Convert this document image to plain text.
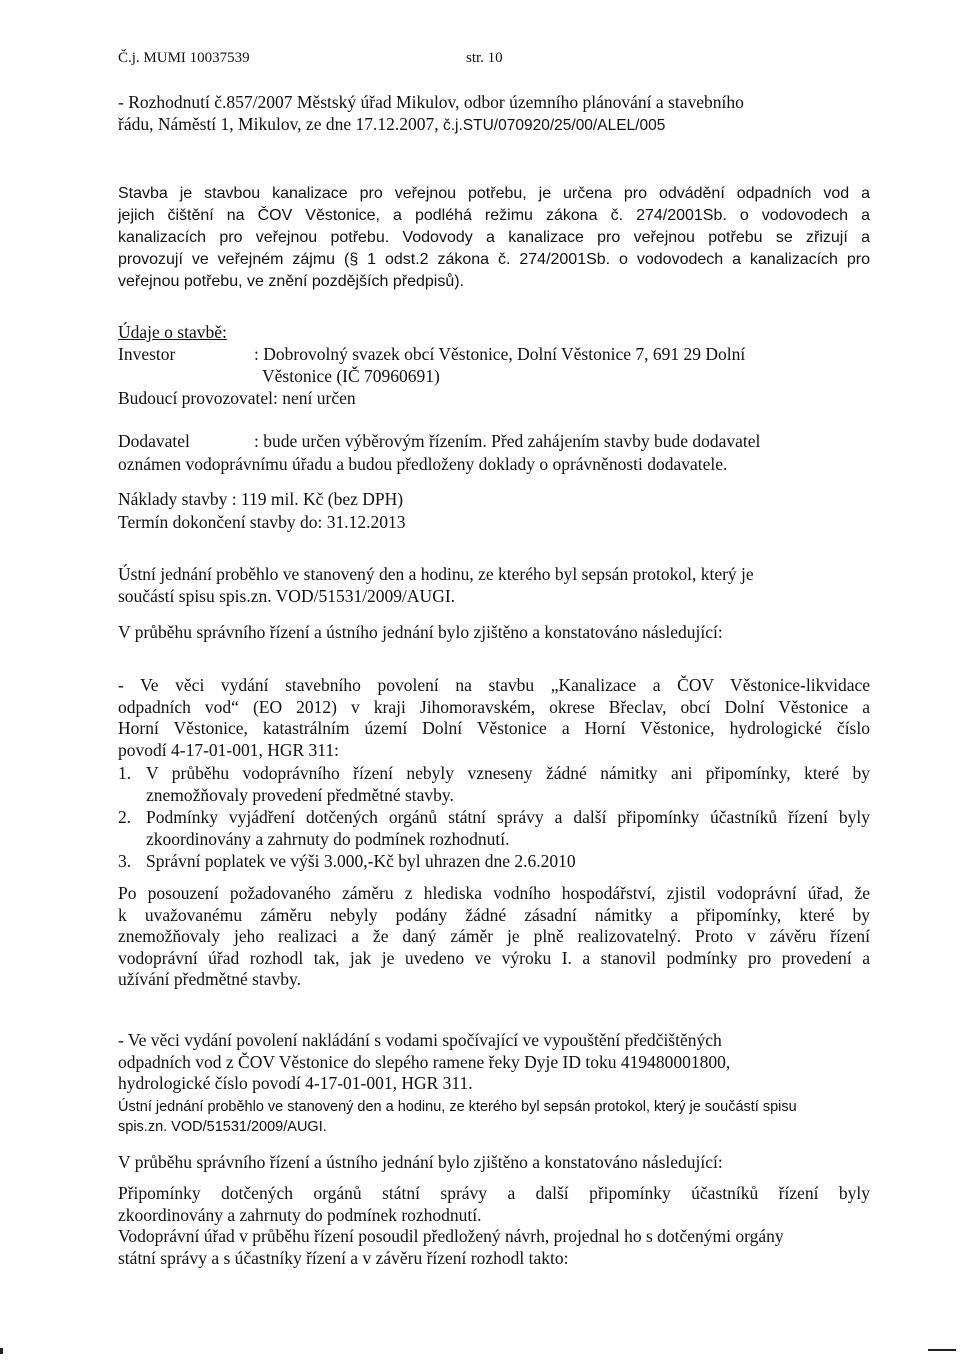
Č.j. MUMI 10037539	str. 10

- Rozhodnutí č.857/2007 Městský úřad Mikulov, odbor územního plánování a stavebního
řádu, Náměstí 1, Mikulov, ze dne 17.12.2007, č.j.STU/070920/25/00/ALEL/005

Stavba je stavbou kanalizace pro veřejnou potřebu, je určena pro odvádění odpadních vod a
jejich čištění na ČOV Věstonice, a podléhá režimu zákona č. 274/2001Sb. o vodovodech a
kanalizacích pro veřejnou potřebu. Vodovody a kanalizace pro veřejnou potřebu se zřizují a
provozují ve veřejném zájmu (§ 1 odst.2 zákona č. 274/2001Sb. o vodovodech a kanalizacích pro
veřejnou potřebu, ve znění pozdějších předpisů).

Údaje o stavbě:
Investor	: Dobrovolný svazek obcí Věstonice, Dolní Věstonice 7, 691 29 Dolní
Věstonice (IČ 70960691)
Budoucí provozovatel: není určen
Dodavatel	: bude určen výběrovým řízením. Před zahájením stavby bude dodavatel
oznámen vodoprávnímu úřadu a budou předloženy doklady o oprávněnosti dodavatele.
Náklady stavby : 119 mil. Kč (bez DPH)
Termín dokončení stavby do: 31.12.2013

Ústní jednání proběhlo ve stanovený den a hodinu, ze kterého byl sepsán protokol, který je
součástí spisu spis.zn. VOD/51531/2009/AUGI.

V průběhu správního řízení a ústního jednání bylo zjištěno a konstatováno následující:

- Ve věci vydání stavebního povolení na stavbu „Kanalizace a ČOV Věstonice-likvidace
odpadních vod“ (EO 2012) v kraji Jihomoravském, okrese Břeclav, obcí Dolní Věstonice a
Horní Věstonice, katastrálním území Dolní Věstonice a Horní Věstonice, hydrologické číslo
povodí 4-17-01-001, HGR 311:

1. V průběhu vodoprávního řízení nebyly vzneseny žádné námitky ani připomínky, které by znemožňovaly provedení předmětné stavby.
2. Podmínky vyjádření dotčených orgánů státní správy a další připomínky účastníků řízení byly zkoordinovány a zahrnuty do podmínek rozhodnutí.
3. Správní poplatek ve výši 3.000,-Kč byl uhrazen dne 2.6.2010

Po posouzení požadovaného záměru z hlediska vodního hospodářství, zjistil vodoprávní úřad, že
k uvažovanému záměru nebyly podány žádné zásadní námitky a připomínky, které by
znemožňovaly jeho realizaci a že daný záměr je plně realizovatelný. Proto v závěru řízení
vodoprávní úřad rozhodl tak, jak je uvedeno ve výroku I. a stanovil podmínky pro provedení a
užívání předmětné stavby.

- Ve věci vydání povolení nakládání s vodami spočívající ve vypouštění předčištěných
odpadních vod z ČOV Věstonice do slepého ramene řeky Dyje ID toku 419480001800,
hydrologické číslo povodí 4-17-01-001, HGR 311.

Ústní jednání proběhlo ve stanovený den a hodinu, ze kterého byl sepsán protokol, který je součástí spisu
spis.zn. VOD/51531/2009/AUGI.

V průběhu správního řízení a ústního jednání bylo zjištěno a konstatováno následující:

Připomínky dotčených orgánů státní správy a další připomínky účastníků řízení byly
zkoordinovány a zahrnuty do podmínek rozhodnutí.

Vodoprávní úřad v průběhu řízení posoudil předložený návrh, projednal ho s dotčenými orgány
státní správy a s účastníky řízení a v závěru řízení rozhodl takto:
